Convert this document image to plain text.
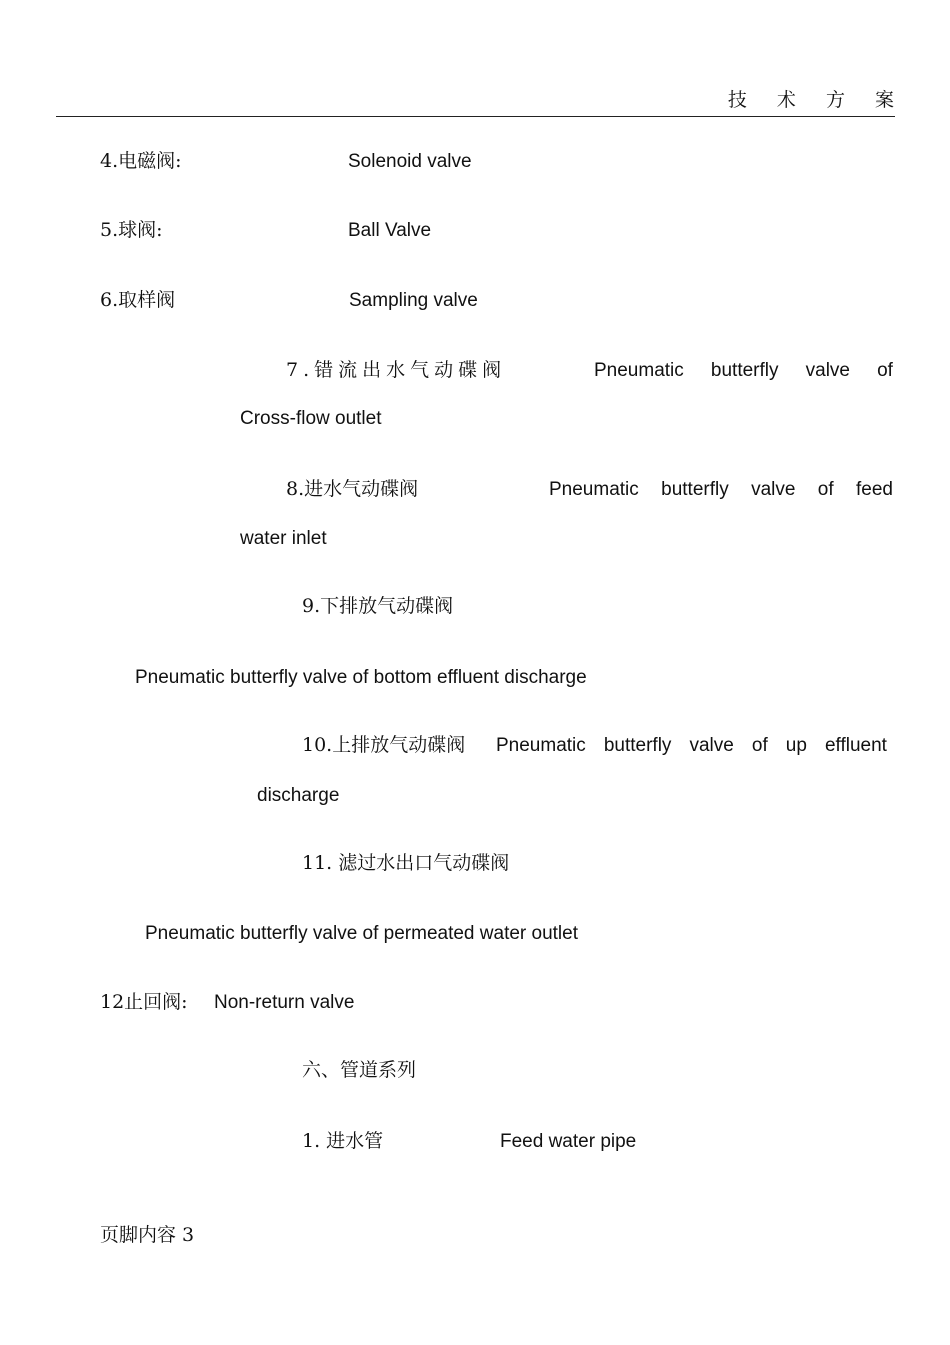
技 术 方 案
4.电磁阀:	Solenoid valve
5.球阀:	Ball Valve
6.取样阀	Sampling valve
7.错流出水气动碟阀	Pneumatic butterfly valve of
Cross-flow outlet
8.进水气动碟阀	Pneumatic butterfly valve of feed
water inlet
9.下排放气动碟阀
Pneumatic butterfly valve of bottom effluent discharge
10.上排放气动碟阀 Pneumatic butterfly valve of up effluent
discharge
11. 滤过水出口气动碟阀
Pneumatic butterfly valve of permeated water outlet
12止回阀: Non-return valve
六、管道系列
1. 进水管	Feed water pipe
页脚内容 3
